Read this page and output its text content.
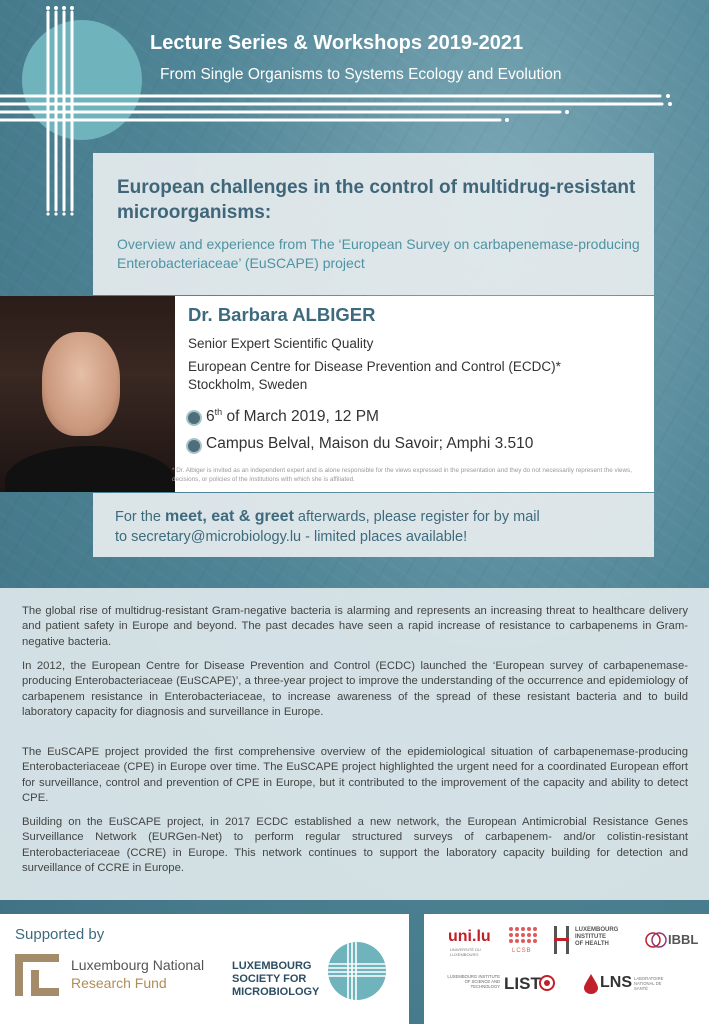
Lecture Series & Workshops 2019-2021
From Single Organisms to Systems Ecology and Evolution
European challenges in the control of multidrug-resistant microorganisms:
Overview and experience from The ‘European Survey on carbapenemase-producing Enterobacteriaceae’ (EuSCAPE) project
Dr. Barbara ALBIGER
Senior Expert Scientific Quality
European Centre for Disease Prevention and Control (ECDC)*
Stockholm, Sweden
6th of March 2019, 12 PM
Campus Belval, Maison du Savoir; Amphi 3.510
* Dr. Albiger is invited as an independent expert and is alone responsible for the views expressed in the presentation and they do not necessarily represent the views, decisions, or policies of the institutions with which she is affiliated.
For the meet, eat & greet afterwards, please register for by mail
to secretary@microbiology.lu - limited places available!

The global rise of multidrug-resistant Gram-negative bacteria is alarming and represents an increasing threat to healthcare delivery and patient safety in Europe and beyond. The past decades have seen a rapid increase of resistance to carbapenems in Gram-negative bacteria.

In 2012, the European Centre for Disease Prevention and Control (ECDC) launched the ‘European survey of carbapenemase-producing Enterobacteriaceae (EuSCAPE)’, a three-year project to improve the understanding of the occurrence and epidemiology of carbapenem resistance in Enterobacteriaceae, to increase awareness of the spread of these resistant bacteria and to build laboratory capacity for diagnosis and surveillance in Europe.

The EuSCAPE project provided the first comprehensive overview of the epidemiological situation of carbapenemase-producing Enterobacteriaceae (CPE) in Europe over time. The EuSCAPE project highlighted the urgent need for a coordinated European effort for surveillance, control and prevention of CPE in Europe, but it contributed to the improvement of the capacity and ability to detect CPE.

Building on the EuSCAPE project, in 2017 ECDC established a new network, the European Antimicrobial Resistance Genes Surveillance Network (EURGen-Net) to perform regular structured surveys of carbapenem- and/or colistin-resistant Enterobacteriaceae (CCRE) in Europe. This network continues to support the laboratory capacity building for detection and surveillance of CCRE in Europe.

Supported by
Luxembourg National
Research Fund
LUXEMBOURG
SOCIETY FOR
MICROBIOLOGY
uni.lu
UNIVERSITÉ DU LUXEMBOURG
LCSB
LUXEMBOURG
INSTITUTE
OF HEALTH	IBBL
LUXEMBOURG INSTITUTE OF SCIENCE AND TECHNOLOGY LIST	LNS LABORATOIRE NATIONAL DE SANTÉ
